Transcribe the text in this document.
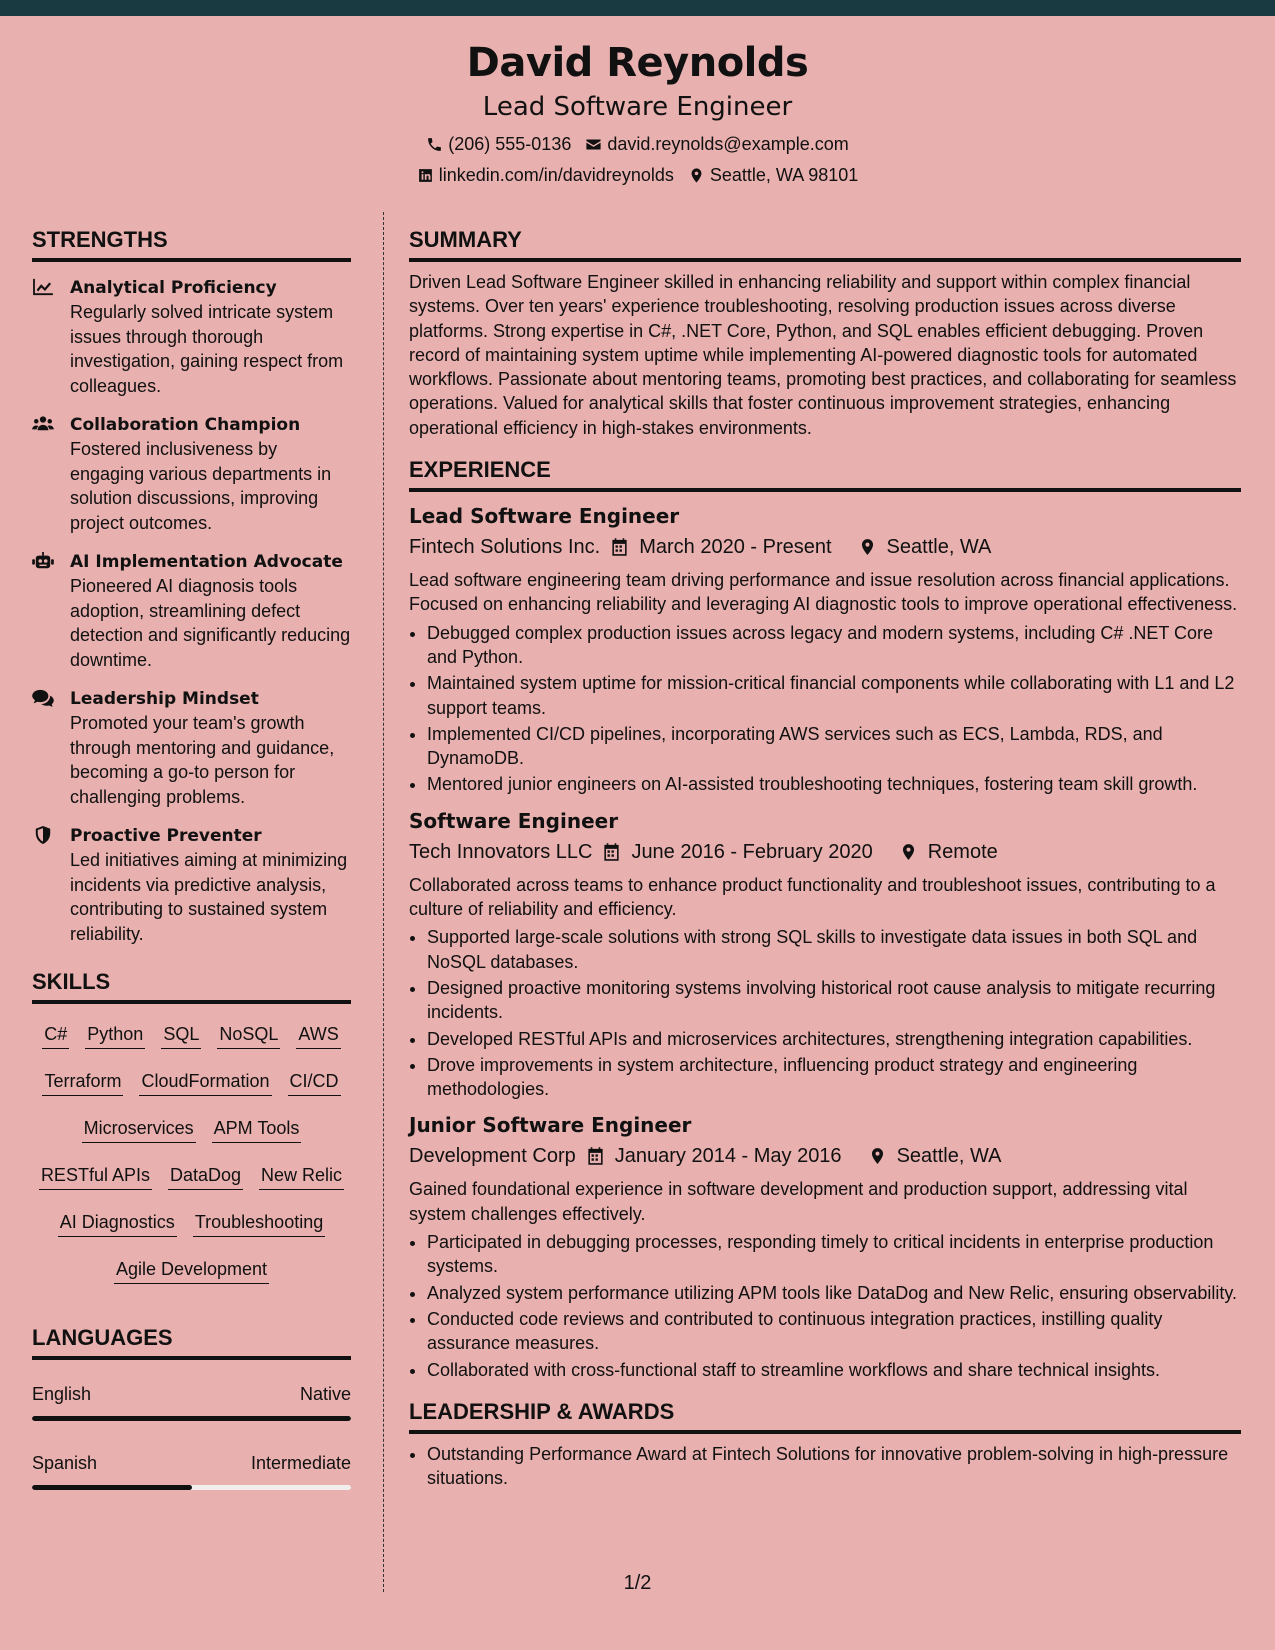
David Reynolds
Lead Software Engineer
(206) 555-0136 david.reynolds@example.com
linkedin.com/in/davidreynolds Seattle, WA 98101
STRENGTHS
Analytical Proficiency
Regularly solved intricate system issues through thorough investigation, gaining respect from colleagues.
Collaboration Champion
Fostered inclusiveness by engaging various departments in solution discussions, improving project outcomes.
AI Implementation Advocate
Pioneered AI diagnosis tools adoption, streamlining defect detection and significantly reducing downtime.
Leadership Mindset
Promoted your team's growth through mentoring and guidance, becoming a go-to person for challenging problems.
Proactive Preventer
Led initiatives aiming at minimizing incidents via predictive analysis, contributing to sustained system reliability.
SKILLS
C# Python SQL NoSQL AWS
Terraform CloudFormation CI/CD
Microservices APM Tools
RESTful APIs DataDog New Relic
AI Diagnostics Troubleshooting
Agile Development
LANGUAGES
English	Native
Spanish	Intermediate
SUMMARY

Driven Lead Software Engineer skilled in enhancing reliability and support within complex financial systems. Over ten years' experience troubleshooting, resolving production issues across diverse platforms. Strong expertise in C#, .NET Core, Python, and SQL enables efficient debugging. Proven record of maintaining system uptime while implementing AI-powered diagnostic tools for automated workflows. Passionate about mentoring teams, promoting best practices, and collaborating for seamless operations. Valued for analytical skills that foster continuous improvement strategies, enhancing operational efficiency in high-stakes environments.

EXPERIENCE
Lead Software Engineer
Fintech Solutions Inc. March 2020 - Present	Seattle, WA

Lead software engineering team driving performance and issue resolution across financial applications. Focused on enhancing reliability and leveraging AI diagnostic tools to improve operational effectiveness.

• Debugged complex production issues across legacy and modern systems, including C# .NET Core and Python.
• Maintained system uptime for mission-critical financial components while collaborating with L1 and L2 support teams.
• Implemented CI/CD pipelines, incorporating AWS services such as ECS, Lambda, RDS, and DynamoDB.
• Mentored junior engineers on AI-assisted troubleshooting techniques, fostering team skill growth.
Software Engineer
Tech Innovators LLC June 2016 - February 2020	Remote

Collaborated across teams to enhance product functionality and troubleshoot issues, contributing to a culture of reliability and efficiency.

• Supported large-scale solutions with strong SQL skills to investigate data issues in both SQL and NoSQL databases.
• Designed proactive monitoring systems involving historical root cause analysis to mitigate recurring incidents.
• Developed RESTful APIs and microservices architectures, strengthening integration capabilities.
• Drove improvements in system architecture, influencing product strategy and engineering methodologies.
Junior Software Engineer
Development Corp January 2014 - May 2016	Seattle, WA

Gained foundational experience in software development and production support, addressing vital system challenges effectively.

• Participated in debugging processes, responding timely to critical incidents in enterprise production systems.
• Analyzed system performance utilizing APM tools like DataDog and New Relic, ensuring observability.
• Conducted code reviews and contributed to continuous integration practices, instilling quality assurance measures.
• Collaborated with cross-functional staff to streamline workflows and share technical insights.
LEADERSHIP & AWARDS
• Outstanding Performance Award at Fintech Solutions for innovative problem-solving in high-pressure situations.
1/2
